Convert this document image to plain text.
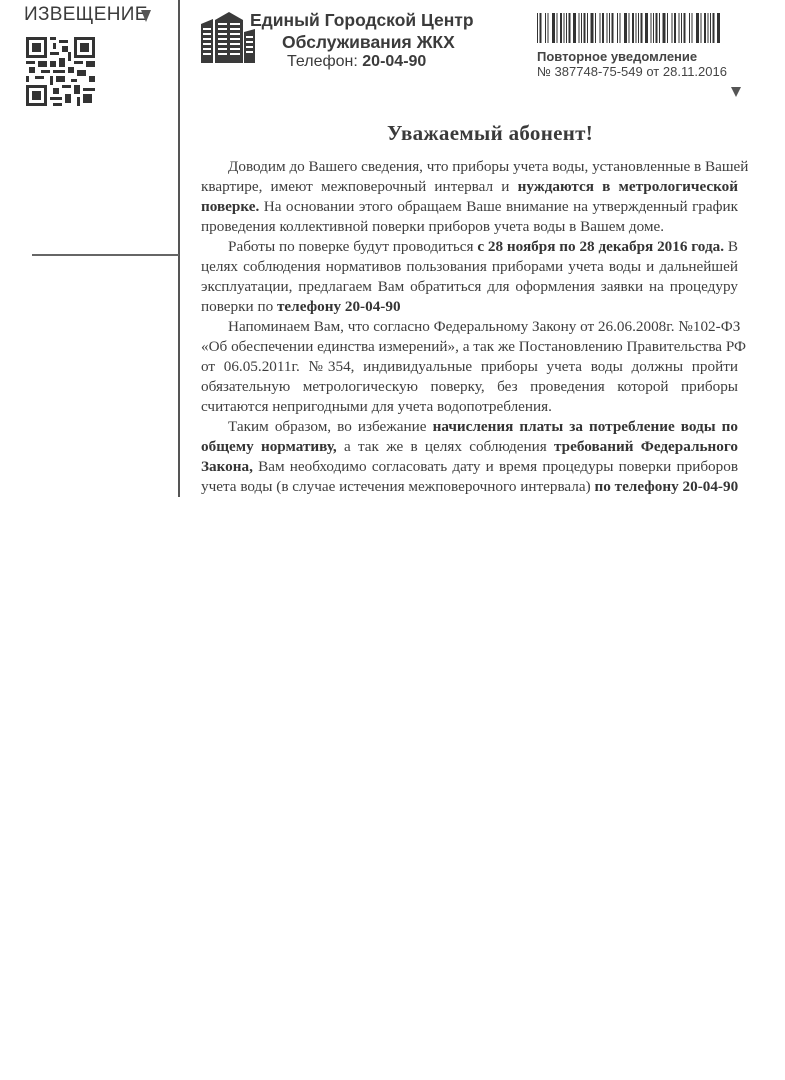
ИЗВЕЩЕНИЕ	Единый Городской Центр
Обслуживания ЖКХ
Телефон: 20-04-90	Повторное уведомление
№ 387748-75-549 от 28.11.2016
Уважаемый абонент!
Доводим до Вашего сведения, что приборы учета воды, установленные в Вашей
квартире, имеют межповерочный интервал и нуждаются в метрологической
поверке. На основании этого обращаем Ваше внимание на утвержденный график
проведения коллективной поверки приборов учета воды в Вашем доме.
Работы по поверке будут проводиться с 28 ноября по 28 декабря 2016 года. В
целях соблюдения нормативов пользования приборами учета воды и дальнейшей
эксплуатации, предлагаем Вам обратиться для оформления заявки на процедуру
поверки по телефону 20-04-90
Напоминаем Вам, что согласно Федеральному Закону от 26.06.2008г. №102-ФЗ
«Об обеспечении единства измерений», а так же Постановлению Правительства РФ
от 06.05.2011г. №354, индивидуальные приборы учета воды должны пройти
обязательную метрологическую поверку, без проведения которой приборы
считаются непригодными для учета водопотребления.
Таким образом, во избежание начисления платы за потребление воды по
общему нормативу, а так же в целях соблюдения требований Федерального
Закона, Вам необходимо согласовать дату и время процедуры поверки приборов
учета воды (в случае истечения межповерочного интервала) по телефону 20-04-90
